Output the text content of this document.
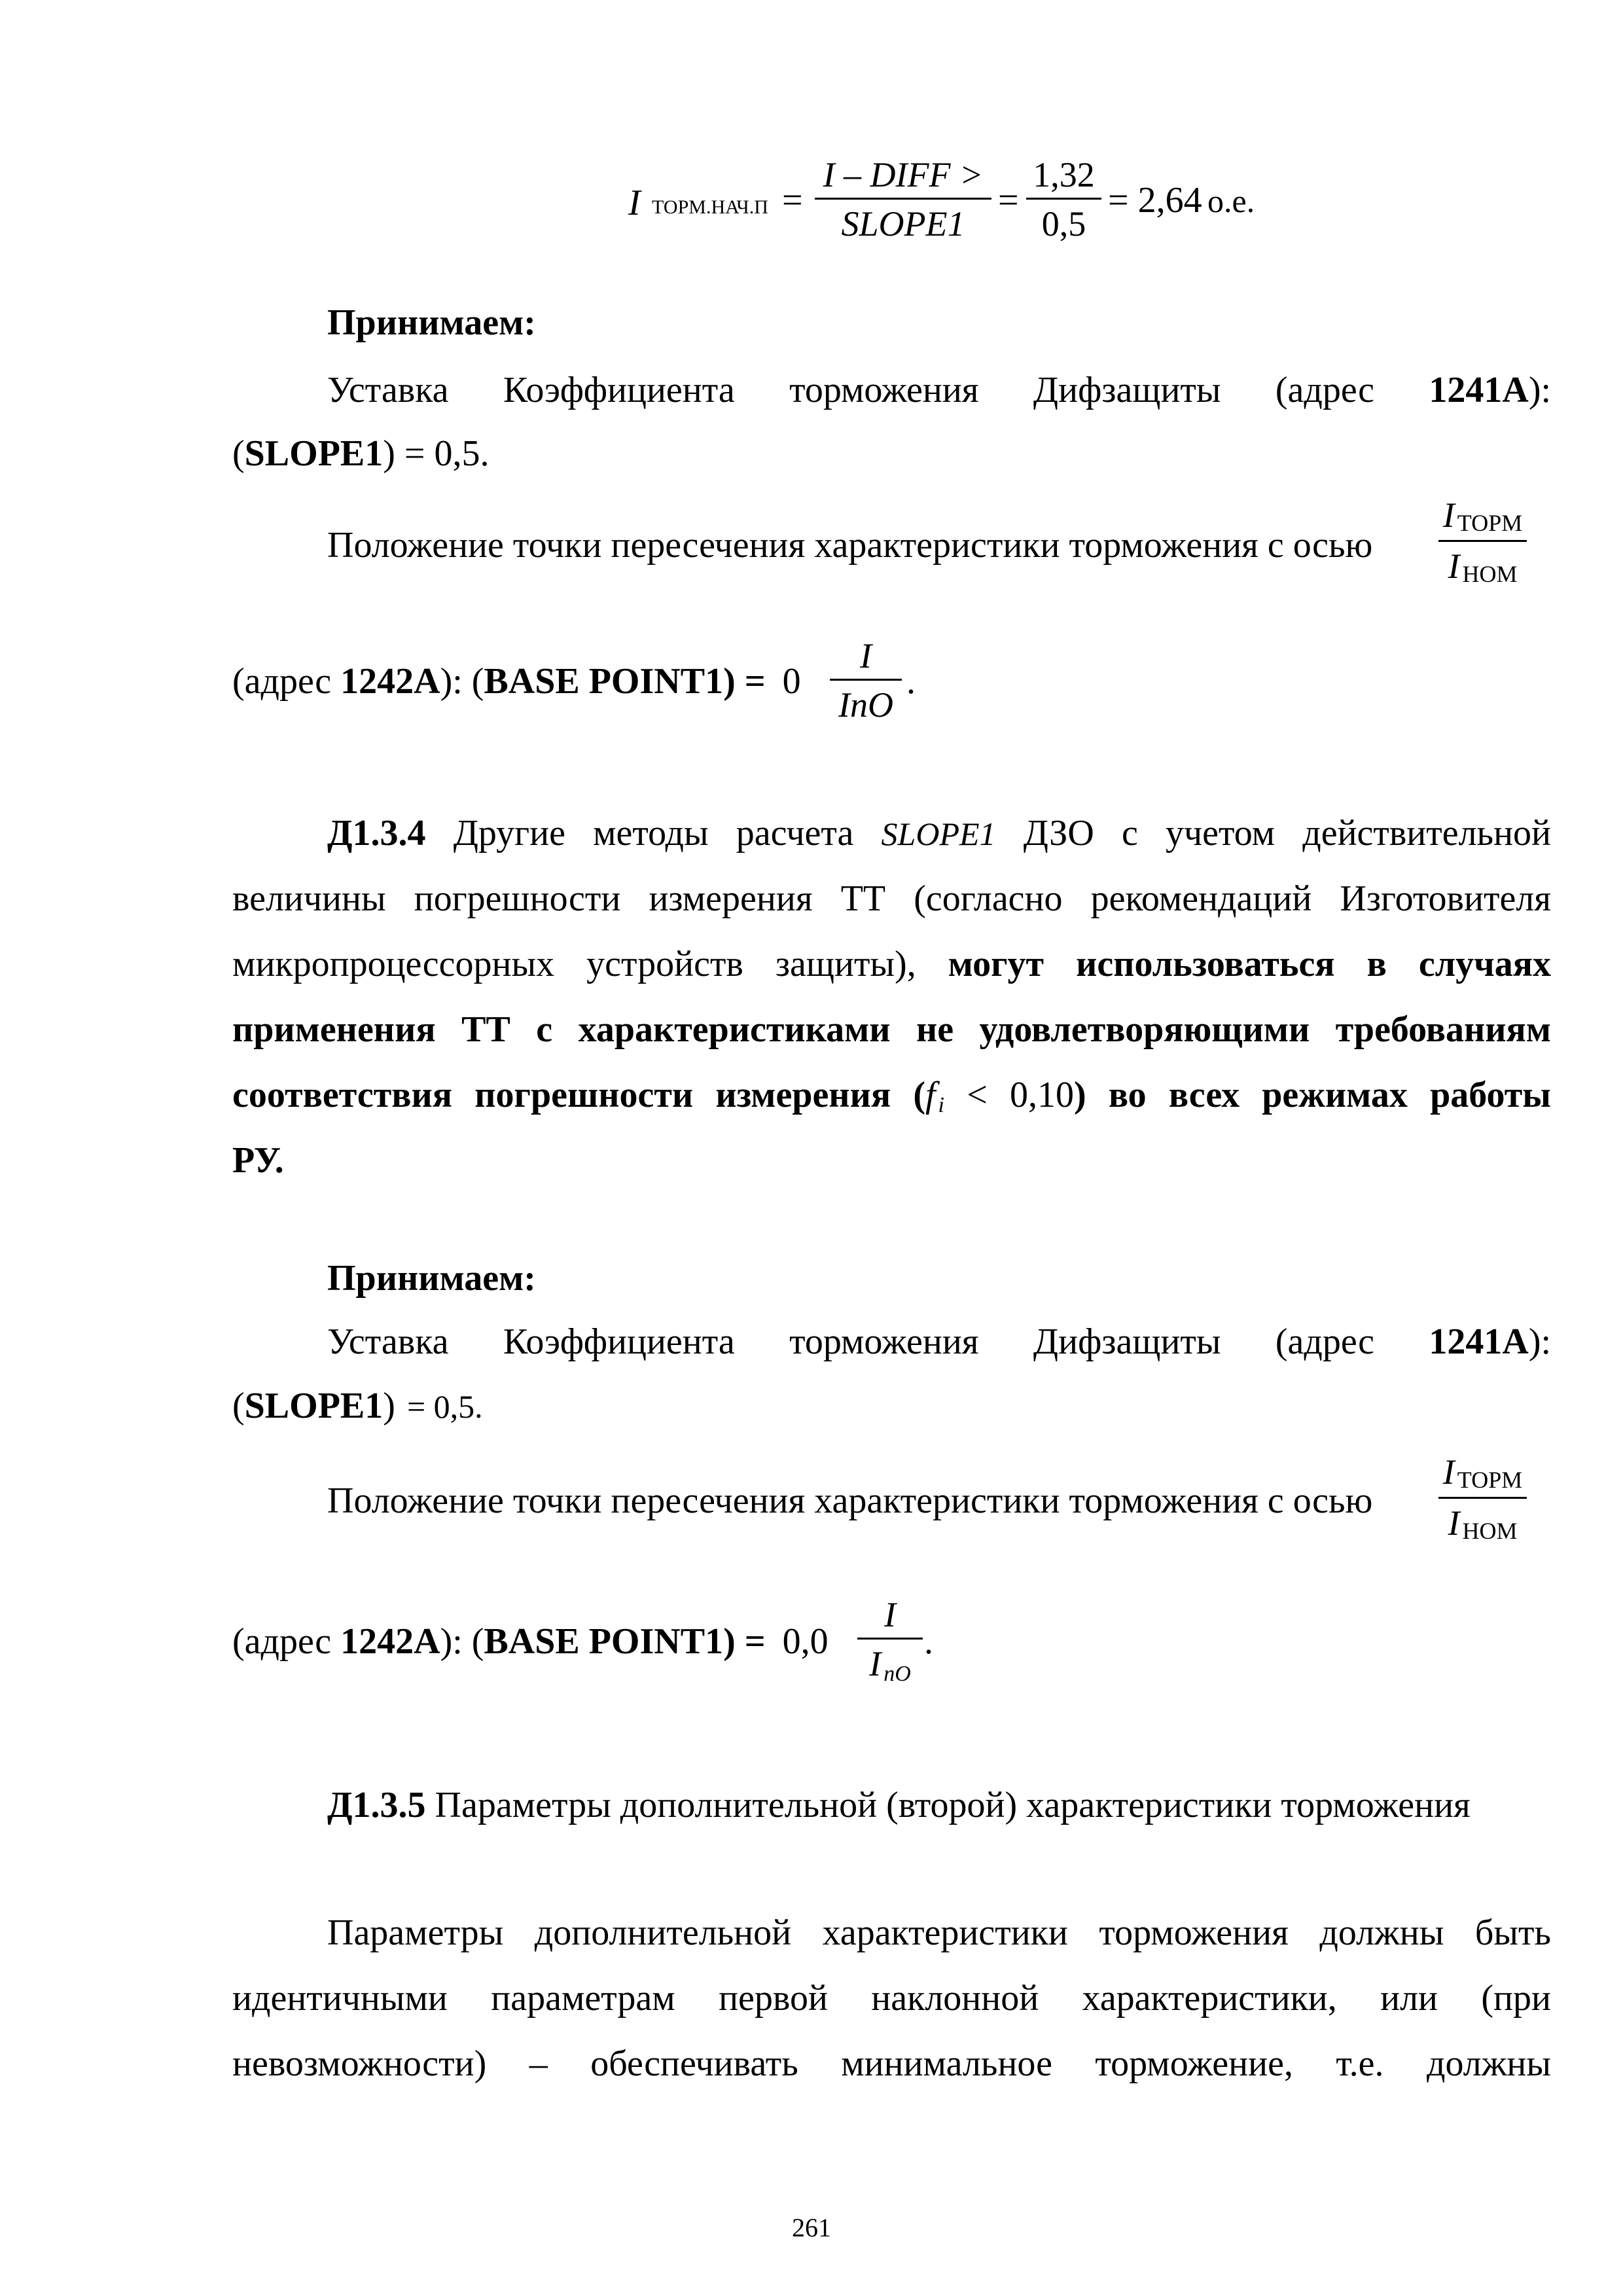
I ТОРМ.НАЧ.П =
I – DIFF >
SLOPE1
=
1,32
0,5
= 2,64 о.е.
Принимаем:
Уставка Коэффициента торможения Дифзащиты (адрес 1241А):
(SLOPE1) = 0,5.
Положение точки пересечения характеристики торможения с осью
IТОРМ
IНОМ
(адрес 1242А): (BASE POINT1) = 0
I
InO
.
Д1.3.4 Другие методы расчета SLOPE1 ДЗО с учетом действительной
величины погрешности измерения ТТ (согласно рекомендаций Изготовителя
микропроцессорных устройств защиты), могут использоваться в случаях
применения ТТ с характеристиками не удовлетворяющими требованиям
соответствия погрешности измерения (f i < 0,10) во всех режимах работы
РУ.
Принимаем:
Уставка Коэффициента торможения Дифзащиты (адрес 1241А):
(SLOPE1) = 0,5.
Положение точки пересечения характеристики торможения с осью
IТОРМ
IНОМ
(адрес 1242А): (BASE POINT1) = 0,0
I
InO
.
Д1.3.5 Параметры дополнительной (второй) характеристики торможения
Параметры дополнительной характеристики торможения должны быть
идентичными параметрам первой наклонной характеристики, или (при
невозможности) – обеспечивать минимальное торможение, т.е. должны
261
